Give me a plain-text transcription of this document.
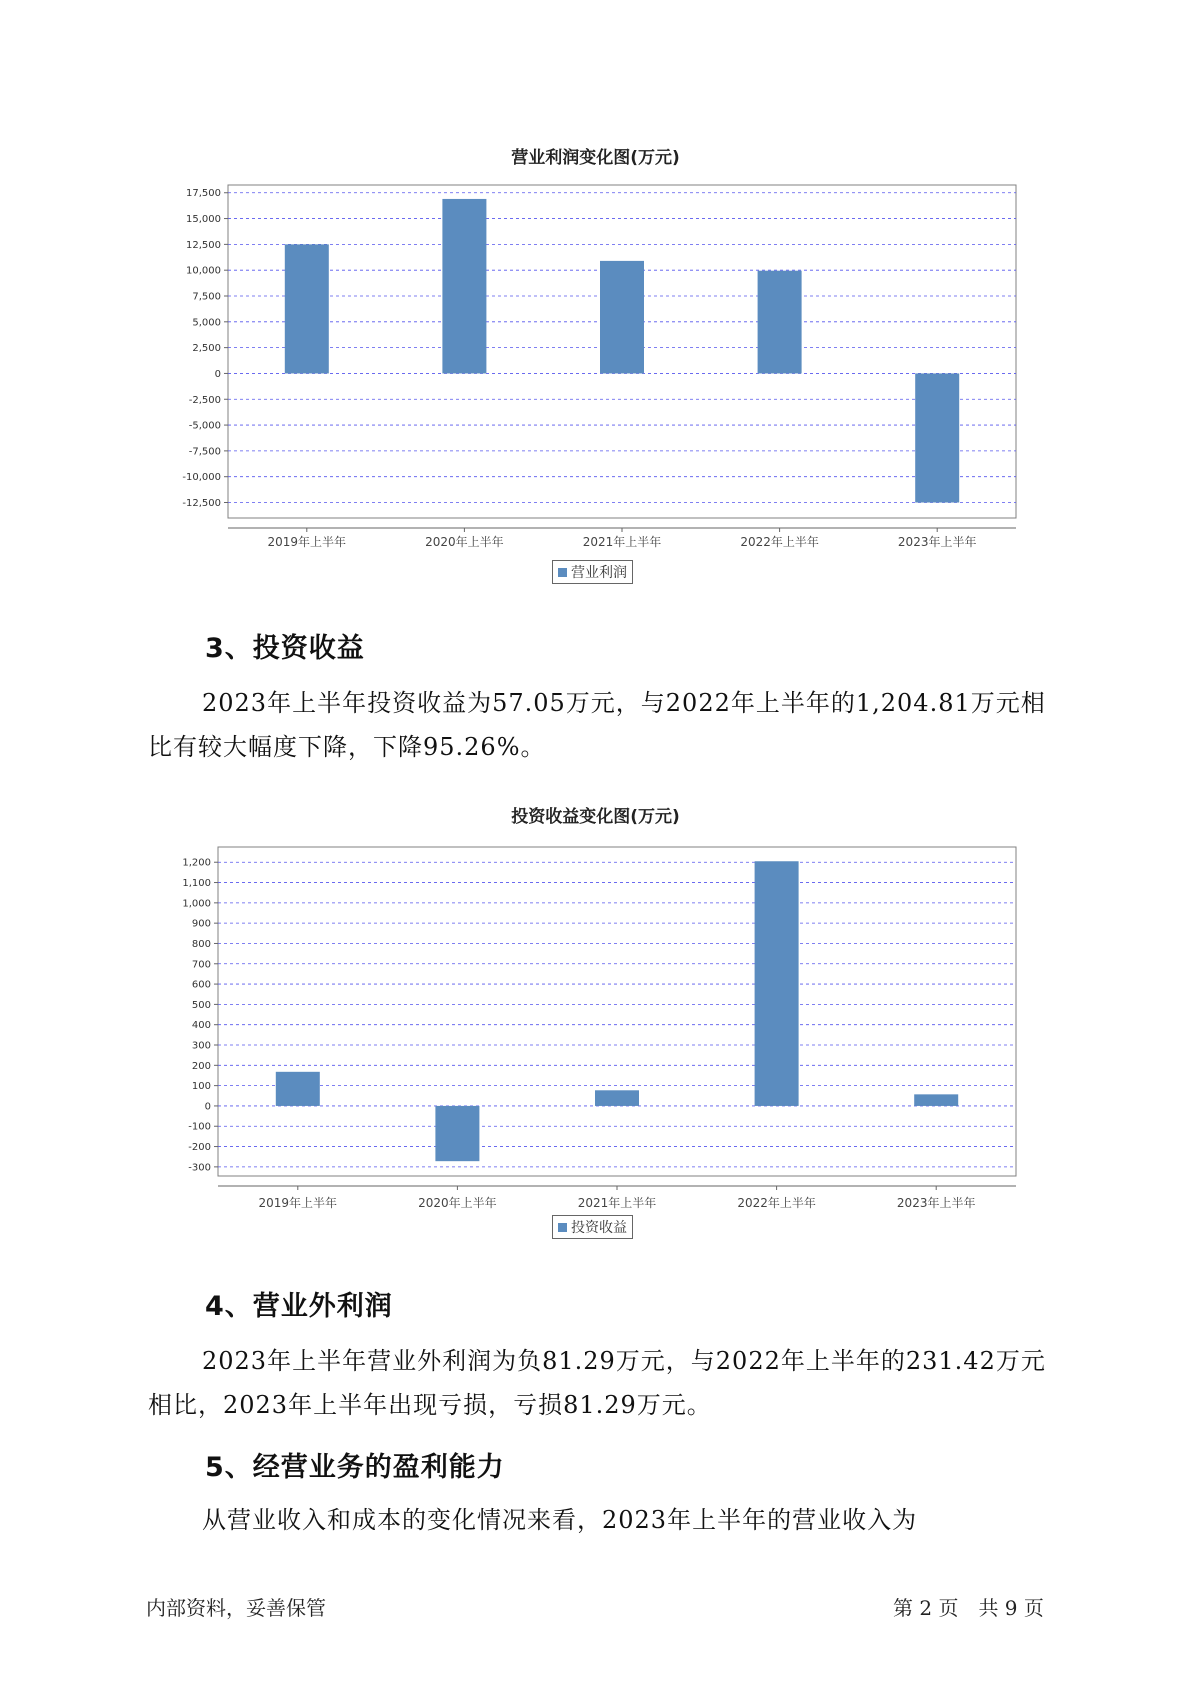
营业利润变化图(万元)
17,500
15,000
12,500
10,000
7,500
5,000
2,500
0
-2,500
-5,000
-7,500
-10,000
-12,500
2019年上半年	2020年上半年	2021年上半年	2022年上半年	2023年上半年
营业利润
3、投资收益
2023年上半年投资收益为57.05万元，与2022年上半年的1,204.81万元相比有较大幅度下降，下降95.26%。
投资收益变化图(万元)
1,200
1,100
1,000
900
800
700
600
500
400
300
200
100
0
-100
-200
-300
2019年上半年	2020年上半年	2021年上半年	2022年上半年	2023年上半年
投资收益
4、营业外利润
2023年上半年营业外利润为负81.29万元，与2022年上半年的231.42万元相比，2023年上半年出现亏损，亏损81.29万元。
5、经营业务的盈利能力
从营业收入和成本的变化情况来看，2023年上半年的营业收入为
内部资料，妥善保管	第 2 页　共 9 页
